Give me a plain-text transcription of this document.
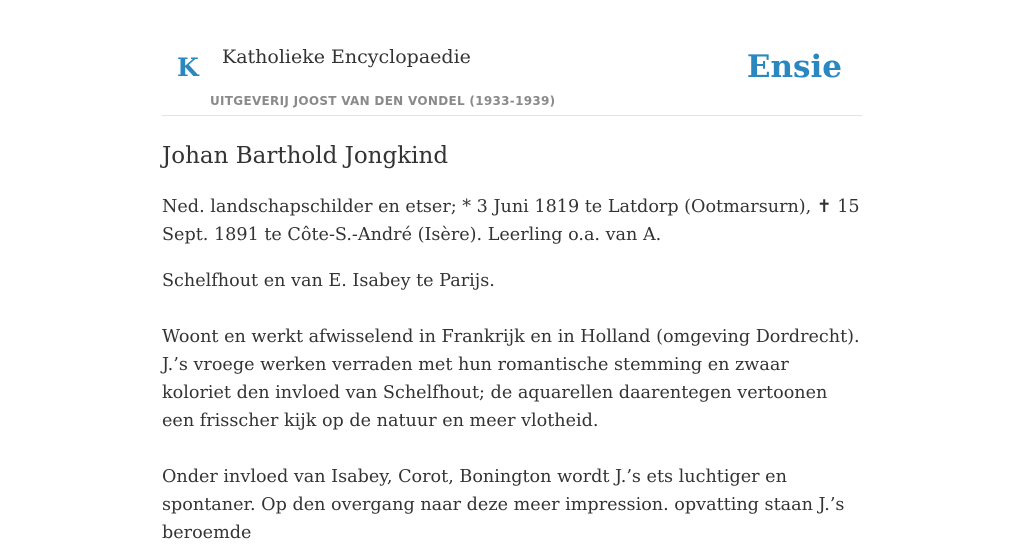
K Katholieke Encyclopaedie
UITGEVERIJ JOOST VAN DEN VONDEL (1933-1939)
Ensie
Johan Barthold Jongkind

Ned. landschapschilder en etser; * 3 Juni 1819 te Latdorp (Ootmarsurn), ✝ 15 Sept. 1891 te Côte-S.-André (Isère). Leerling o.a. van A.

Schelfhout en van E. Isabey te Parijs.

Woont en werkt afwisselend in Frankrijk en in Holland (omgeving Dordrecht). J.’s vroege werken verraden met hun romantische stemming en zwaar koloriet den invloed van Schelfhout; de aquarellen daarentegen vertoonen een frisscher kijk op de natuur en meer vlotheid.

Onder invloed van Isabey, Corot, Bonington wordt J.’s ets luchtiger en spontaner. Op den overgang naar deze meer impression. opvatting staan J.’s beroemde
